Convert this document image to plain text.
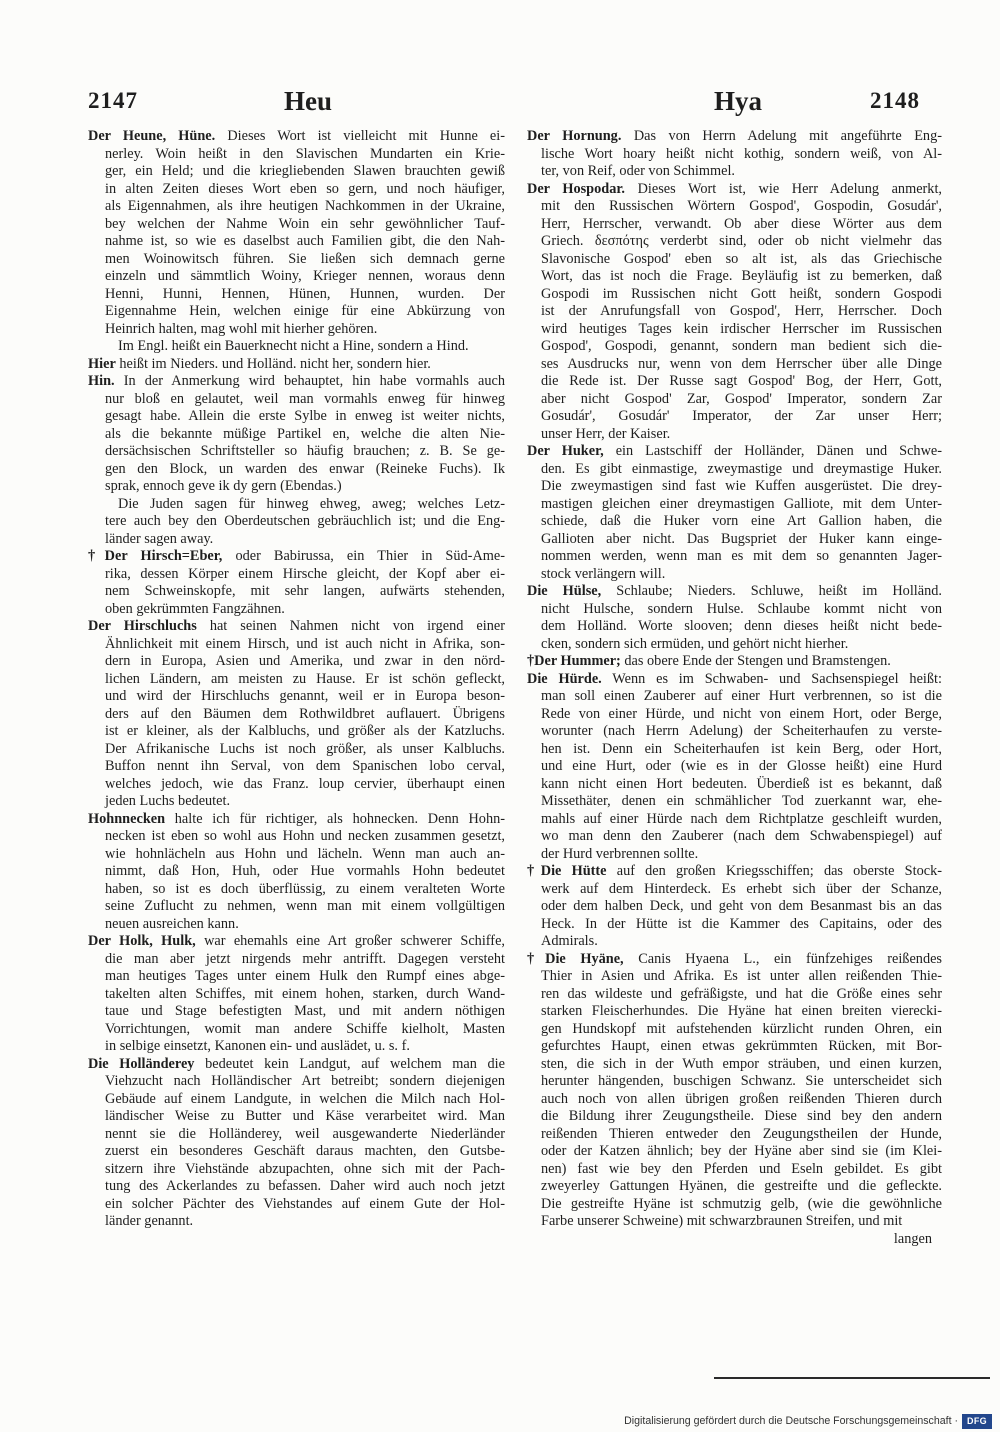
2147	Heu	Hya	2148
Der Heune, Hüne. Dieses Wort ist vielleicht mit Hunne ei-
nerley. Woin heißt in den Slavischen Mundarten ein Krie-
ger, ein Held; und die kriegliebenden Slawen brauchten gewiß
in alten Zeiten dieses Wort eben so gern, und noch häufiger,
als Eigennahmen, als ihre heutigen Nachkommen in der Ukraine,
bey welchen der Nahme Woin ein sehr gewöhnlicher Tauf-
nahme ist, so wie es daselbst auch Familien gibt, die den Nah-
men Woinowitsch führen. Sie ließen sich demnach gerne
einzeln und sämmtlich Woiny, Krieger nennen, woraus denn
Henni, Hunni, Hennen, Hünen, Hunnen, wurden. Der
Eigennahme Hein, welchen einige für eine Abkürzung von
Heinrich halten, mag wohl mit hierher gehören.
Im Engl. heißt ein Bauerknecht nicht a Hine, sondern a Hind.
Hier heißt im Nieders. und Holländ. nicht her, sondern hier.
Hin. In der Anmerkung wird behauptet, hin habe vormahls auch
nur bloß en gelautet, weil man vormahls enweg für hinweg
gesagt habe. Allein die erste Sylbe in enweg ist weiter nichts,
als die bekannte müßige Partikel en, welche die alten Nie-
dersächsischen Schriftsteller so häufig brauchen; z. B. Se ge-
gen den Block, un warden des enwar (Reineke Fuchs). Ik
sprak, ennoch geve ik dy gern (Ebendas.)
Die Juden sagen für hinweg ehweg, aweg; welches Letz-
tere auch bey den Oberdeutschen gebräuchlich ist; und die Eng-
länder sagen away.
†Der Hirsch=Eber, oder Babirussa, ein Thier in Süd-Ame-
rika, dessen Körper einem Hirsche gleicht, der Kopf aber ei-
nem Schweinskopfe, mit sehr langen, aufwärts stehenden,
oben gekrümmten Fangzähnen.
Der Hirschluchs hat seinen Nahmen nicht von irgend einer
Ähnlichkeit mit einem Hirsch, und ist auch nicht in Afrika, son-
dern in Europa, Asien und Amerika, und zwar in den nörd-
lichen Ländern, am meisten zu Hause. Er ist schön gefleckt,
und wird der Hirschluchs genannt, weil er in Europa beson-
ders auf den Bäumen dem Rothwildbret auflauert. Übrigens
ist er kleiner, als der Kalbluchs, und größer als der Katzluchs.
Der Afrikanische Luchs ist noch größer, als unser Kalbluchs.
Buffon nennt ihn Serval, von dem Spanischen lobo cerval,
welches jedoch, wie das Franz. loup cervier, überhaupt einen
jeden Luchs bedeutet.
Hohnnecken halte ich für richtiger, als hohnecken. Denn Hohn-
necken ist eben so wohl aus Hohn und necken zusammen gesetzt,
wie hohnlächeln aus Hohn und lächeln. Wenn man auch an-
nimmt, daß Hon, Huh, oder Hue vormahls Hohn bedeutet
haben, so ist es doch überflüssig, zu einem veralteten Worte
seine Zuflucht zu nehmen, wenn man mit einem vollgültigen
neuen ausreichen kann.
Der Holk, Hulk, war ehemahls eine Art großer schwerer Schiffe,
die man aber jetzt nirgends mehr antrifft. Dagegen versteht
man heutiges Tages unter einem Hulk den Rumpf eines abge-
takelten alten Schiffes, mit einem hohen, starken, durch Wand-
taue und Stage befestigten Mast, und mit andern nöthigen
Vorrichtungen, womit man andere Schiffe kielholt, Masten
in selbige einsetzt, Kanonen ein- und auslädet, u. s. f.
Die Holländerey bedeutet kein Landgut, auf welchem man die
Viehzucht nach Holländischer Art betreibt; sondern diejenigen
Gebäude auf einem Landgute, in welchen die Milch nach Hol-
ländischer Weise zu Butter und Käse verarbeitet wird. Man
nennt sie die Holländerey, weil ausgewanderte Niederländer
zuerst ein besonderes Geschäft daraus machten, den Gutsbe-
sitzern ihre Viehstände abzupachten, ohne sich mit der Pach-
tung des Ackerlandes zu befassen. Daher wird auch noch jetzt
ein solcher Pächter des Viehstandes auf einem Gute der Hol-
länder genannt.
Der Hornung. Das von Herrn Adelung mit angeführte Eng-
lische Wort hoary heißt nicht kothig, sondern weiß, von Al-
ter, von Reif, oder von Schimmel.
Der Hospodar. Dieses Wort ist, wie Herr Adelung anmerkt,
mit den Russischen Wörtern Gospod', Gospodin, Gosudár',
Herr, Herrscher, verwandt. Ob aber diese Wörter aus dem
Griech. δεσπότης verderbt sind, oder ob nicht vielmehr das
Slavonische Gospod' eben so alt ist, als das Griechische
Wort, das ist noch die Frage. Beyläufig ist zu bemerken, daß
Gospodi im Russischen nicht Gott heißt, sondern Gospodi
ist der Anrufungsfall von Gospod', Herr, Herrscher. Doch
wird heutiges Tages kein irdischer Herrscher im Russischen
Gospod', Gospodi, genannt, sondern man bedient sich die-
ses Ausdrucks nur, wenn von dem Herrscher über alle Dinge
die Rede ist. Der Russe sagt Gospod' Bog, der Herr, Gott,
aber nicht Gospod' Zar, Gospod' Imperator, sondern Zar
Gosudár', Gosudár' Imperator, der Zar unser Herr;
unser Herr, der Kaiser.
Der Huker, ein Lastschiff der Holländer, Dänen und Schwe-
den. Es gibt einmastige, zweymastige und dreymastige Huker.
Die zweymastigen sind fast wie Kuffen ausgerüstet. Die drey-
mastigen gleichen einer dreymastigen Galliote, mit dem Unter-
schiede, daß die Huker vorn eine Art Gallion haben, die
Gallioten aber nicht. Das Bugspriet der Huker kann einge-
nommen werden, wenn man es mit dem so genannten Jager-
stock verlängern will.
Die Hülse, Schlaube; Nieders. Schluwe, heißt im Holländ.
nicht Hulsche, sondern Hulse. Schlaube kommt nicht von
dem Holländ. Worte slooven; denn dieses heißt nicht bede-
cken, sondern sich ermüden, und gehört nicht hierher.
†Der Hummer; das obere Ende der Stengen und Bramstengen.
Die Hürde. Wenn es im Schwaben- und Sachsenspiegel heißt:
man soll einen Zauberer auf einer Hurt verbrennen, so ist die
Rede von einer Hürde, und nicht von einem Hort, oder Berge,
worunter (nach Herrn Adelung) der Scheiterhaufen zu verste-
hen ist. Denn ein Scheiterhaufen ist kein Berg, oder Hort,
und eine Hurt, oder (wie es in der Glosse heißt) eine Hurd
kann nicht einen Hort bedeuten. Überdieß ist es bekannt, daß
Missethäter, denen ein schmählicher Tod zuerkannt war, ehe-
mahls auf einer Hürde nach dem Richtplatze geschleift wurden,
wo man denn den Zauberer (nach dem Schwabenspiegel) auf
der Hurd verbrennen sollte.
†Die Hütte auf den großen Kriegsschiffen; das oberste Stock-
werk auf dem Hinterdeck. Es erhebt sich über der Schanze,
oder dem halben Deck, und geht von dem Besanmast bis an das
Heck. In der Hütte ist die Kammer des Capitains, oder des
Admirals.
†Die Hyäne, Canis Hyaena L., ein fünfzehiges reißendes
Thier in Asien und Afrika. Es ist unter allen reißenden Thie-
ren das wildeste und gefräßigste, und hat die Größe eines sehr
starken Fleischerhundes. Die Hyäne hat einen breiten vierecki-
gen Hundskopf mit aufstehenden kürzlicht runden Ohren, ein
gefurchtes Haupt, einen etwas gekrümmten Rücken, mit Bor-
sten, die sich in der Wuth empor sträuben, und einen kurzen,
herunter hängenden, buschigen Schwanz. Sie unterscheidet sich
auch noch von allen übrigen großen reißenden Thieren durch
die Bildung ihrer Zeugungstheile. Diese sind bey den andern
reißenden Thieren entweder den Zeugungstheilen der Hunde,
oder der Katzen ähnlich; bey der Hyäne aber sind sie (im Klei-
nen) fast wie bey den Pferden und Eseln gebildet. Es gibt
zweyerley Gattungen Hyänen, die gestreifte und die gefleckte.
Die gestreifte Hyäne ist schmutzig gelb, (wie die gewöhnliche
Farbe unserer Schweine) mit schwarzbraunen Streifen, und mit
langen
Digitalisierung gefördert durch die Deutsche Forschungsgemeinschaft ·	DFG
